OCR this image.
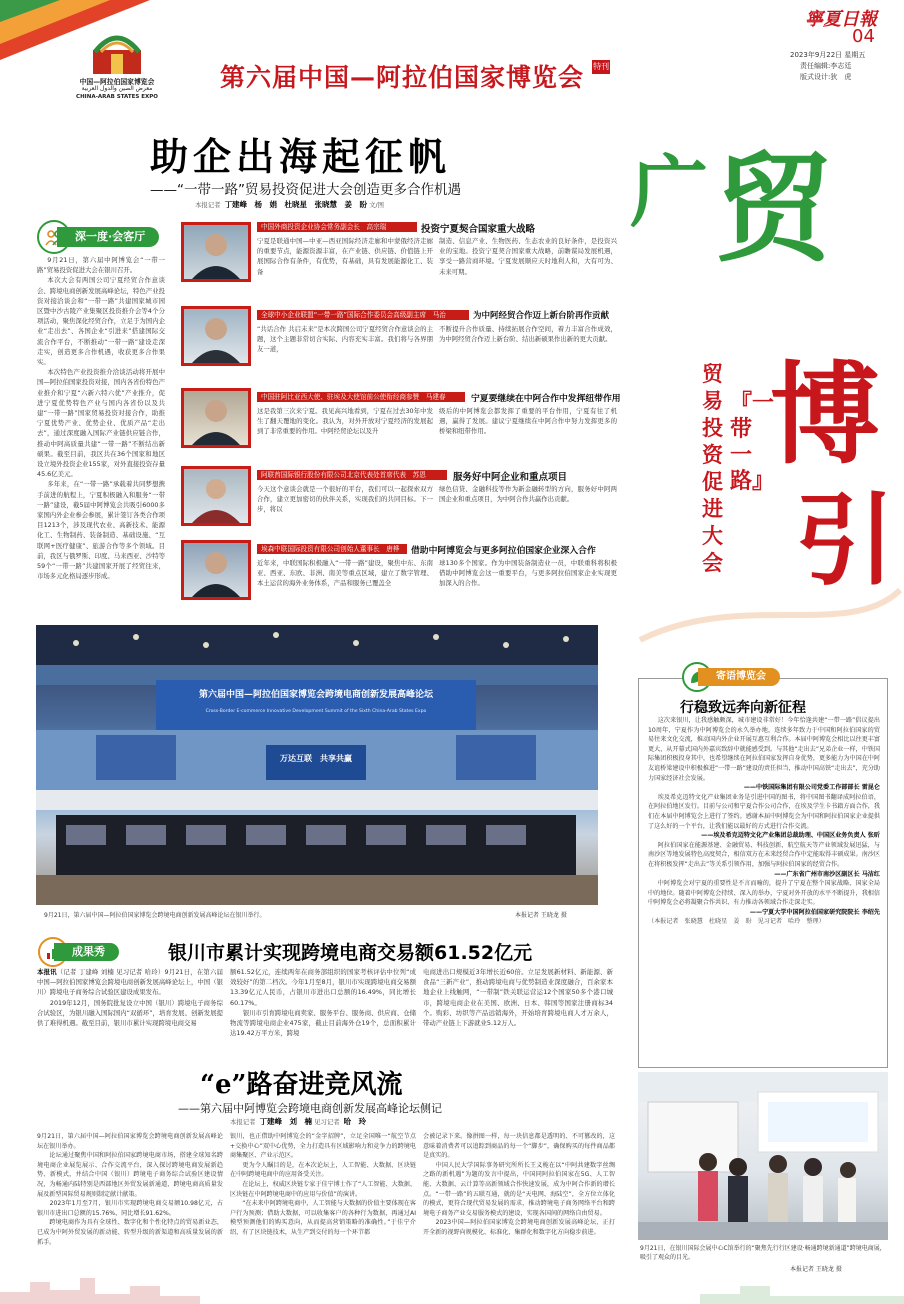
中国—阿拉伯国家博览会
معرض الصين والدول العربية
CHINA-ARAB STATES EXPO
第六届中国—阿拉伯国家博览会 特刊
寧夏日報
04
2023年9月22日 星期五
责任编辑:李志廷
版式设计:狄　虎
助企出海起征帆
——“一带一路”贸易投资促进大会创造更多合作机遇
本报记者 丁建峰　杨　娟　杜晓星　张晓慧　姜　盼 文/图
深一度·会客厅

9月21日，第六届中阿博览会“一带一路”贸易投资促进大会在银川召开。

本次大会有两国公司宁夏经贸合作意谈会、跨境电商创新发展高峰论坛，特色产业投资对接洽谈会和“一带一路”共建国家城市园区暨中沙古陵产业集聚区投资推介会等4个分项活动，聚焦深化经贸合作，立足于为国内企业“走出去”、各国企业“引进来”搭建国际交流合作平台，不断推动“一带一路”建设走深走实，创造更多合作机遇，收获更多合作果实。

本次特色产业投资推介洽谈活动将开展中国—阿拉伯国家投资对接，国内各省份特色产业推介和宁夏“六新六特六优”产业推介，促进宁夏优势特色产业与国内各省份以及共建“一带一路”国家贸易投资对接合作，助推宁夏优势产业、优势企业、优质产品“走出去”，通过深度融入国际产业链供应链合作，推动中阿高质量共建“一带一路”不断结出新硕果。截至目前，我区共在36个国家和地区设立境外投资企业155家，对外直接投资存量45.6亿美元。

多年来，在“一带一路”承载着共同梦想携手前进的航程上，宁夏积极融入和服务“一带一路”建设，截5届中阿博览会共吸引6000多家国内外企业参会参展，累计签订各类合作项目1213个，涉及现代农业、高新技术、能源化工、生物制药、装备制造、基础设施、“互联网+医疗健康”、旅游合作等多个领域。目前，我区与俄罗斯、印度、马来西亚、沙特等59个“一带一路”共建国家开展了经贸往来，市场多元化格局逐步形成。

中国外商投资企业协会常务副会长　高宗瑞	投资宁夏契合国家重大战略
宁夏是联通中国—中亚—西亚国际经济走廊和中蒙俄经济走廊的重要节点，能源资源丰富，在产业链、供应链、价值链上开展国际合作有条件，有优势，有基础，具有发展能源化工、装备
制造、信息产业、生物医药、生态农业的良好条件，是投资兴业的宝地。投资宁夏契合国家重大战略，前瞻谋局发展机遇，享受一路营商环境。宁夏发展顺应天时地利人和，大有可为、未来可期。
全球中小企业联盟“一带一路”国际合作委员会高级副主席　马治	为中阿经贸合作迈上新台阶再作贡献
“共话合作 共启未来”是本次跨国公司宁夏经贸合作意谈会的主题，这个主题非常切合实际、内容充实丰富。我们将与各界朋友一道，
不断提升合作质量、持续拓展合作空间，着力丰富合作成效，为中阿经贸合作迈上新台阶、结出新硕果作出新的更大贡献。
中国驻阿比亚西大使、驻埃及大使馆前公使衔经商参赞　马建春	宁夏要继续在中阿合作中发挥纽带作用
这是我第三次来宁夏。我见高兴地看到，宁夏在过去30年中发生了翻天覆地的变化。我认为，对外开放对宁夏经济的发展起到了非常重要的作用。中阿经贸论坛以及升
级后的中阿博览会都发挥了重要的平台作用，宁夏有往了机遇，赢得了发展。建议宁夏继续在中阿合作中努力发挥更多的桥梁和纽带作用。
阿联酋国际银行股份有限公司北京代表处首席代表　苏恩	服务好中阿企业和重点项目
今天这个意谈会就是一个很好的平台，我们可以一起探索双方合作，建立更加密切的伙伴关系，实现我们的共同目标。下一步，将以
绿色信贷、金融科技等作为新金融转型的方向，服务好中阿两国企业和重点项目，为中阿合作共赢作出贡献。
埃森中联国际投资有限公司创始人董事长　唐桦	借助中阿博览会与更多阿拉伯国家企业深入合作
近年来，中联国际积极融入“一带一路”建设，聚焦中东、东南亚、西亚、东欧、非洲、南美等重点区域，建立了数字管理、本土运营的海外业务体系，产品和服务已覆盖全
球130多个国家。作为中国装备制造业一员，中联重科将积极借助中阿博览会这一重要平台，与更多阿拉伯国家企业实现更加深入的合作。
广 贸
博
引
『一带一路』
贸易投资促进大会
第六届中国—阿拉伯国家博览会跨境电商创新发展高峰论坛
Cross-Border E-commerce Innovative Development Summit of the Sixth China-Arab States Expo
万达互联　共享共赢
9月21日，第六届中国—阿拉伯国家博览会跨境电商创新发展高峰论坛在银川举行。	本报记者 王晓龙 摄
寄语博览会
行稳致远奔向新征程

这次来银川，让我感触颇深，城市建设非常好！今年恰逢共建“一带一路”倡议提出10周年，宁夏作为中阿博览会的永久举办地，连续多年致力于中国和阿拉伯国家的贸易往来文化交流，推动国内外企业开展互惠互利合作。本届中阿博览会相比以往更丰富更大，从开幕式国内外嘉宾致辞中就能感受到。与其他“走出去”兄弟企业一样，中铁国际集团积极投身其中，也希望继续在阿拉伯国家发挥自身优势，更多能力为中国在中阿友谊桥梁建设中积极推进“一带一路”建设的责任担当，推动中国高铁“走出去”，充分助力国家经济社会发展。

——中铁国际集团有限公司党委工作部部长 雷昆仑

埃及希克迈特文化产业集团业务是引进中国的图书，将中国图书翻译成阿拉伯语，在阿拉伯地区发行。目前与公司和宁夏合作公司合作，在埃及学生卡书籍方面合作，我们在本届中阿博览会上进行了签约。感谢本届中阿博览会为中国和阿拉伯国家企业提供了这么好的一个平台，让我们能以最好的方式进行合作交流。

——埃及希克迈特文化产业集团总裁助理、中国区业务负责人 张昕

阿拉伯国家在能源基建、金融贸易、科技创新、航空航天等产业领域发展迅猛，与南沙区等地发展特色高度契合，相信双方在未来经贸合作中定能取得丰硕成果。南沙区在将积极发挥“走出去”等关系引领作用，加强与阿拉伯国家的经贸合作。

——广东省广州市南沙区副区长 马洁红

中阿博览会对宁夏的重要性是不言而喻的，提升了宁夏在整个国家战略、国家全局中的地位。随着中阿博览会持续、深入的举办，宁夏对外开放的水平不断提升，我相信中阿博览会必将凝聚合作共识、有力推动各领域合作走深走实。

——宁夏大学中国阿拉伯国家研究院院长 李绍先
（本报记者　张晓慧　杜晓星　姜　盼　见习记者　哈玲　整理）
成果秀	银川市累计实现跨境电商交易额61.52亿元
本报讯（记者 丁建峰 刘楠 见习记者 哈玲）9月21日，在第六届中国—阿拉伯国家博览会跨境电商创新发展高峰论坛上，中国（银川）跨境电子商务综合试验区建设成果发布。
　　2019年12月，国务院批复设立中国（银川）跨境电子商务综合试验区，为银川融入国际国内“双循环”，培育发展、创新发展提供了难得机遇。截至目前，银川市累计实现跨境电商交易
额61.52亿元，连续两年在商务部组织的国家考核评估中位列“成效较好”的第二档次。今年1月至8月，银川市实现跨境电商交易额13.39亿元人民币，占银川市进出口总额的16.49%，同比增长60.17%。
　　银川市引育跨境电商卖家、服务平台、服务商、供应商、仓储物流等跨境电商企业475家，截止目前海外仓19个，总面积累计达19.42万平方米，跨境
电商进出口规模近3年增长近60倍。立足发展新材料、新能源、新食品“三新产业”，推动跨境电商与优势制造业深度融合，百余家本地企业上线触网，“一带制”铁关联运营运12个国家50多个港口城市，跨境电商企业在美国、欧洲、日本、韩国等国家注册商标34个。购彩、坊织等产品远销海外，开始培育跨境电商人才万余人，带动产业链上下游就业5.12万人。
“e”路奋进竞风流
——第六届中阿博览会跨境电商创新发展高峰论坛侧记
本报记者 丁建峰　刘　楠 见习记者 哈　玲
9月21日，第六届中国—阿拉伯国家博览会跨境电商创新发展高峰论坛在银川举办。
　　论坛通过聚焦中国和阿拉伯国家跨境电商市场，搭建全球知名跨境电商企业展览展示、合作交流平台，深入探讨跨境电商发展新趋势、新模式，并结合中国（银川）跨境电子商务综合试验区建设情况，为畅通内陆特别是西部地区外贸发展新通道，跨境电商高质量发展及新型国际贸易规则制定献计献策。
　　2023年1月至7月，银川市实现跨境电商交易额10.98亿元，占银川市进出口总额的15.76%，同比增长91.62%。
　　跨境电商作为具有全球性、数字化和个性化特点的贸易新业态，已成为中阿外贸发展的新动能、转型升级的新渠道和高质量发展的新抓手。
银川，也正借助中阿博览会的“金字招牌”，立足全国唯一“航空节点+交换中心”双中心优势，全力打造具有区域影响力和竞争力的跨境电商集聚区、产业示范区。
　　更为令人瞩目的是，在本次论坛上，人工智能、大数据、区块链在中阿跨境电商中的应用备受关注。
　　在论坛上，权威区块链专家于佳宁博士作了“人工智能、大数据、区块链在中阿跨境电商中的应用与价值”的演讲。
　　“在未来中阿跨境电商中，人工智能与大数据的价值主要体现在客户行为预测；借助大数据，可以收集客户的各种行为数据，再通过AI模型预测他们的购买意向，从而提高营销策略的准确性。”于佳宁介绍，有了区块链技术，从生产到交付的每一个环节都
会被记录下来。像拼图一样，每一块信息都是透明的、不可篡改的，这意味着消费者可以追踪到商品的每一个“脚步”，确保购买的每件商品都是真实的。
　　中国人民大学国际事务研究所所长王义桅在以“中阿共建数字丝绸之路的新机遇”为题的发言中提出，中国同阿拉伯国家在5G、人工智能、大数据、云计算等高新领域合作快速发展，成为中阿合作新的增长点。“一带一路”的五联互通，就的是“天电网、海陆空”，全方位立体化的模式，更符合现代贸易发展的需求，推动跨境电子商务网络平台和跨境电子商务产业交易服务模式的建设，实现各国间的网络自由贸易。
　　2023中国—阿拉伯国家博览会跨境电商创新发展高峰论坛，正打开全新的视野向规模化、标准化、集群化和数字化方向稳步前进。
9月21日，在银川国际会展中心C馆举行的“聚焦先行行区建设·畅通跨境新通道”跨境电商展，吸引了观众的目光。
本报记者 王晓龙 摄
